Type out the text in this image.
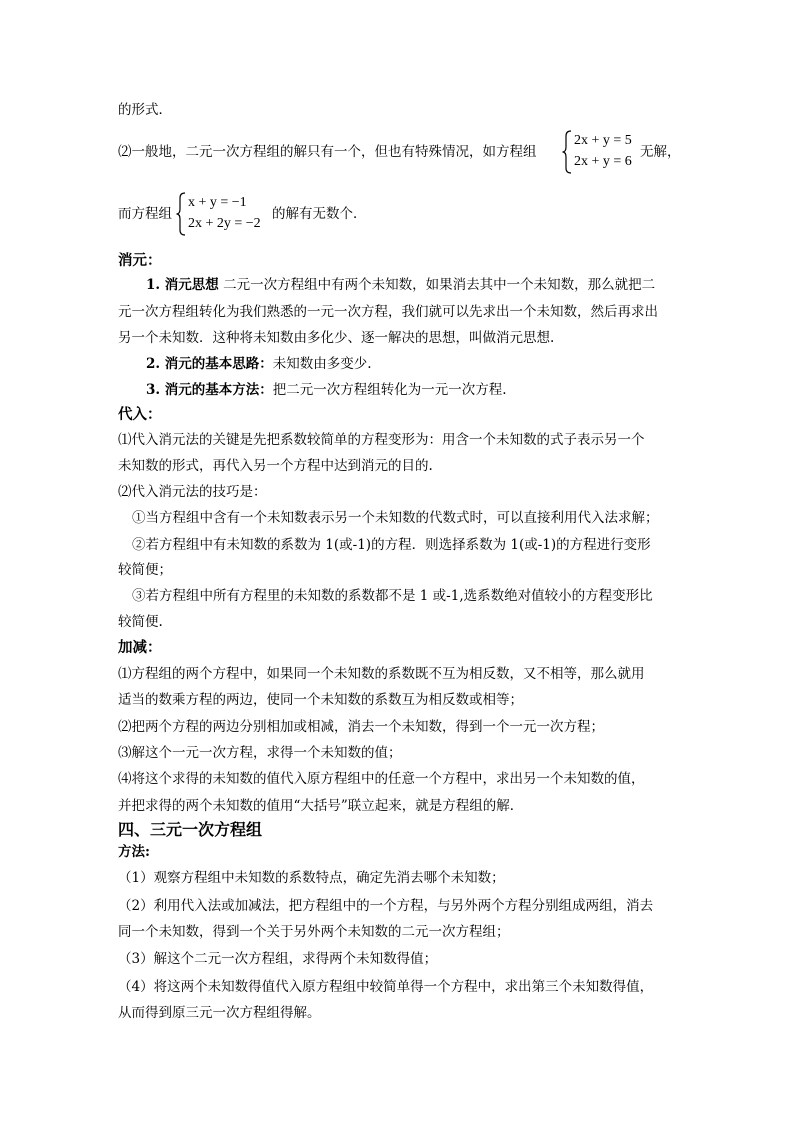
的形式．
⑵一般地，二元一次方程组的解只有一个，但也有特殊情况，如方程组
2x + y = 5
2x + y = 6
无解，
而方程组
x + y = −1
2x + 2y = −2
的解有无数个．
消元：
1. 消元思想 二元一次方程组中有两个未知数，如果消去其中一个未知数，那么就把二
元一次方程组转化为我们熟悉的一元一次方程，我们就可以先求出一个未知数，然后再求出
另一个未知数．这种将未知数由多化少、逐一解决的思想，叫做消元思想.
2. 消元的基本思路：未知数由多变少.
3. 消元的基本方法：把二元一次方程组转化为一元一次方程.
代入：
⑴代入消元法的关键是先把系数较简单的方程变形为：用含一个未知数的式子表示另一个
未知数的形式，再代入另一个方程中达到消元的目的.
⑵代入消元法的技巧是：
①当方程组中含有一个未知数表示另一个未知数的代数式时，可以直接利用代入法求解；
②若方程组中有未知数的系数为 1(或-1)的方程．则选择系数为 1(或-1)的方程进行变形
较简便；
③若方程组中所有方程里的未知数的系数都不是 1 或-1,选系数绝对值较小的方程变形比
较简便.
加减：
⑴方程组的两个方程中，如果同一个未知数的系数既不互为相反数，又不相等，那么就用
适当的数乘方程的两边，使同一个未知数的系数互为相反数或相等；
⑵把两个方程的两边分别相加或相减，消去一个未知数，得到一个一元一次方程；
⑶解这个一元一次方程，求得一个未知数的值；
⑷将这个求得的未知数的值代入原方程组中的任意一个方程中，求出另一个未知数的值，
并把求得的两个未知数的值用“大括号”联立起来，就是方程组的解．
四、三元一次方程组
方法:
（1）观察方程组中未知数的系数特点，确定先消去哪个未知数；
（2）利用代入法或加减法，把方程组中的一个方程，与另外两个方程分别组成两组，消去
同一个未知数，得到一个关于另外两个未知数的二元一次方程组；
（3）解这个二元一次方程组，求得两个未知数得值；
（4）将这两个未知数得值代入原方程组中较简单得一个方程中，求出第三个未知数得值，
从而得到原三元一次方程组得解。
